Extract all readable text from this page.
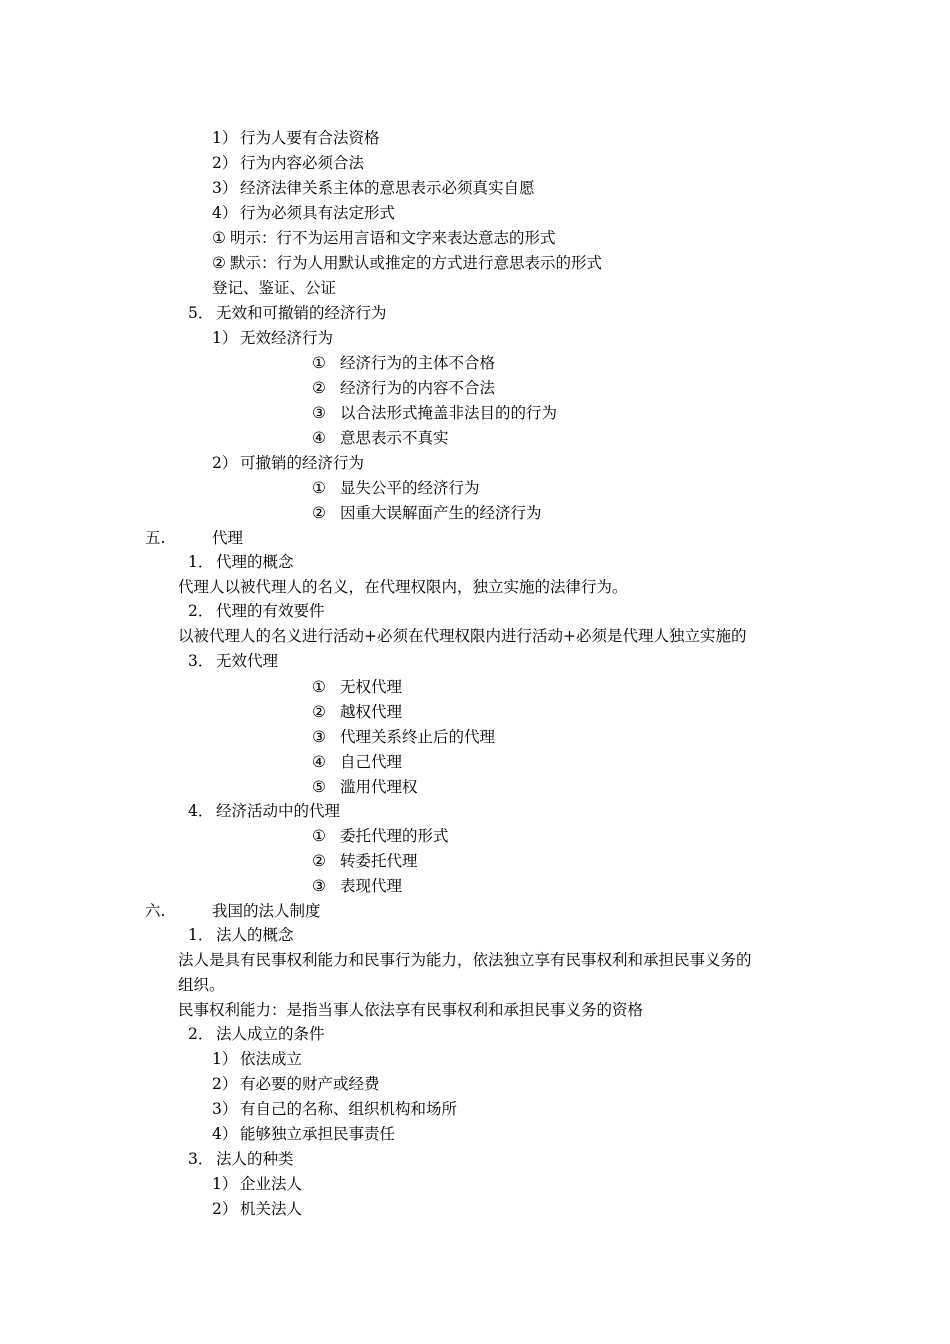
1） 行为人要有合法资格
2） 行为内容必须合法
3） 经济法律关系主体的意思表示必须真实自愿
4） 行为必须具有法定形式
① 明示：行不为运用言语和文字来表达意志的形式
② 默示：行为人用默认或推定的方式进行意思表示的形式
登记、鉴证、公证
5． 无效和可撤销的经济行为
1） 无效经济行为
① 经济行为的主体不合格
② 经济行为的内容不合法
③ 以合法形式掩盖非法目的的行为
④ 意思表示不真实
2） 可撤销的经济行为
① 显失公平的经济行为
② 因重大误解面产生的经济行为
五.	代理
1． 代理的概念
代理人以被代理人的名义，在代理权限内，独立实施的法律行为。
2． 代理的有效要件
以被代理人的名义进行活动+必须在代理权限内进行活动+必须是代理人独立实施的
3． 无效代理
① 无权代理
② 越权代理
③ 代理关系终止后的代理
④ 自己代理
⑤ 滥用代理权
4． 经济活动中的代理
① 委托代理的形式
② 转委托代理
③ 表现代理
六.	我国的法人制度
1． 法人的概念
法人是具有民事权利能力和民事行为能力，依法独立享有民事权利和承担民事义务的
组织。
民事权利能力：是指当事人依法享有民事权利和承担民事义务的资格
2． 法人成立的条件
1） 依法成立
2） 有必要的财产或经费
3） 有自己的名称、组织机构和场所
4） 能够独立承担民事责任
3． 法人的种类
1） 企业法人
2） 机关法人
